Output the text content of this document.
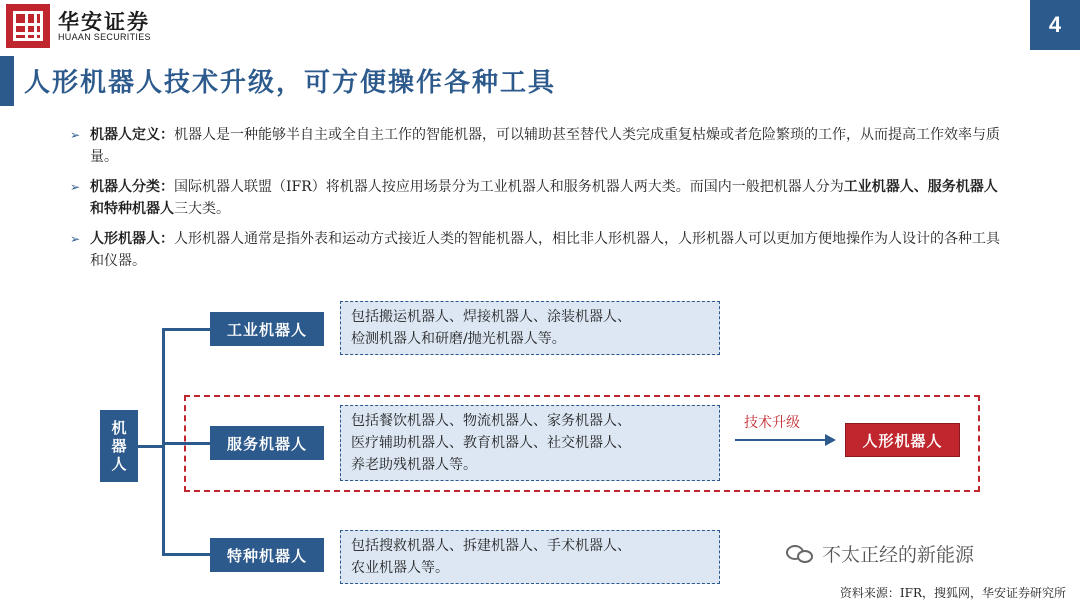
华安证券
HUAAN SECURITIES	4
人形机器人技术升级，可方便操作各种工具
➢ 机器人定义：机器人是一种能够半自主或全自主工作的智能机器，可以辅助甚至替代人类完成重复枯燥或者危险繁琐的工作，从而提高工作效率与质量。
➢ 机器人分类：国际机器人联盟（IFR）将机器人按应用场景分为工业机器人和服务机器人两大类。而国内一般把机器人分为工业机器人、服务机器人和特种机器人三大类。
➢ 人形机器人：人形机器人通常是指外表和运动方式接近人类的智能机器人，相比非人形机器人，人形机器人可以更加方便地操作为人设计的各种工具和仪器。
机
器
人
工业机器人
服务机器人
特种机器人
包括搬运机器人、焊接机器人、涂装机器人、
检测机器人和研磨/抛光机器人等。
包括餐饮机器人、物流机器人、家务机器人、
医疗辅助机器人、教育机器人、社交机器人、
养老助残机器人等。
包括搜救机器人、拆建机器人、手术机器人、
农业机器人等。
技术升级
人形机器人
不太正经的新能源
资料来源：IFR，搜狐网，华安证券研究所
